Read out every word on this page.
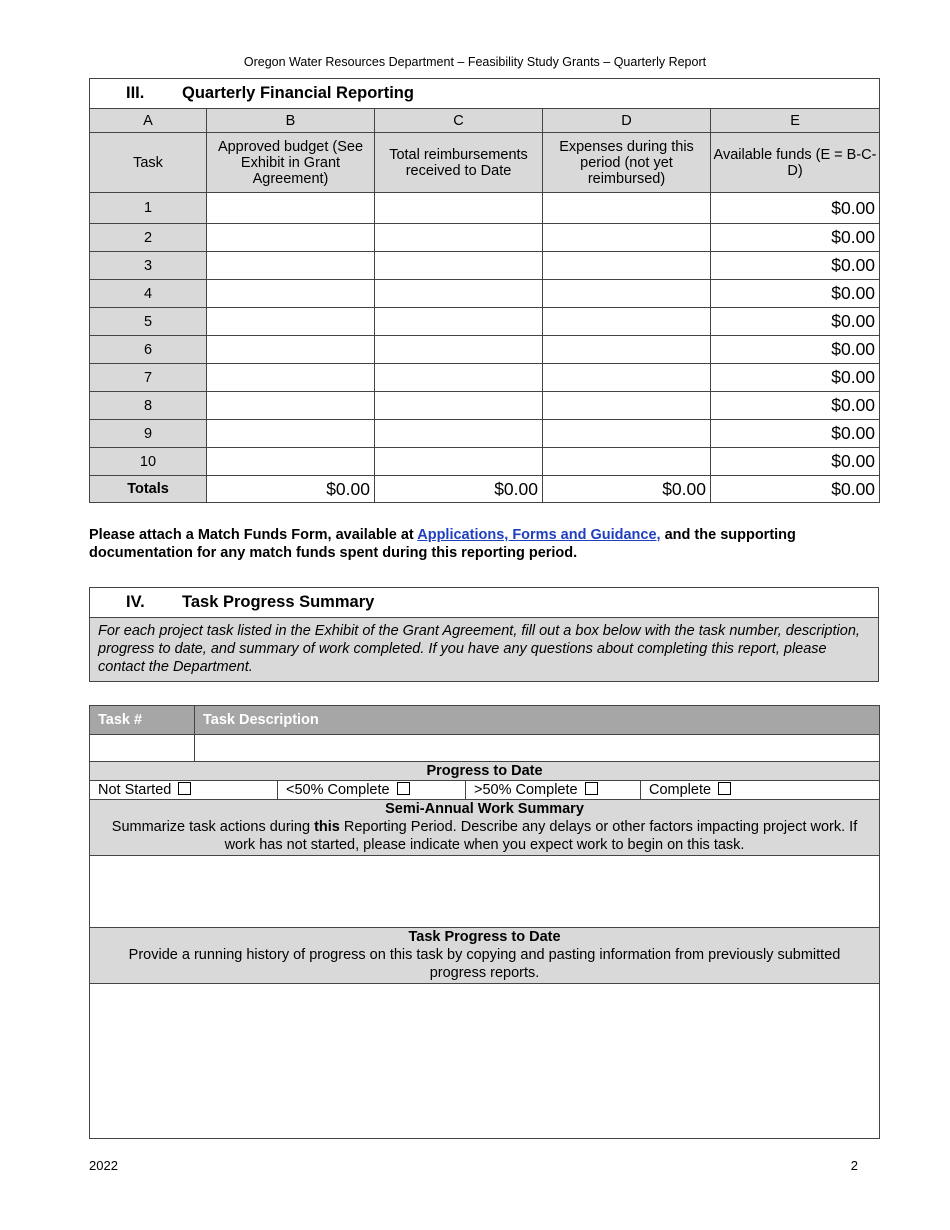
Oregon Water Resources Department – Feasibility Study Grants – Quarterly Report
III. Quarterly Financial Reporting				
A	B	C	D	E
Task	Approved budget (See Exhibit in Grant Agreement)	Total reimbursements received to Date	Expenses during this period (not yet reimbursed)	Available funds (E = B-C-D)
1				$0.00
2				$0.00
3				$0.00
4				$0.00
5				$0.00
6				$0.00
7				$0.00
8				$0.00
9				$0.00
10				$0.00
Totals	$0.00	$0.00	$0.00	$0.00
Please attach a Match Funds Form, available at Applications, Forms and Guidance, and the supporting documentation for any match funds spent during this reporting period.
IV. Task Progress Summary
For each project task listed in the Exhibit of the Grant Agreement, fill out a box below with the task number, description, progress to date, and summary of work completed. If you have any questions about completing this report, please contact the Department.
Task #	Task Description			

Progress to Date				
Not Started		<50% Complete	>50% Complete	Complete

Semi-Annual Work Summary
Summarize task actions during this Reporting Period. Describe any delays or other factors impacting project work. If work has not started, please indicate when you expect work to begin on this task.				

Task Progress to Date
Provide a running history of progress on this task by copying and pasting information from previously submitted progress reports.				

2022	2
